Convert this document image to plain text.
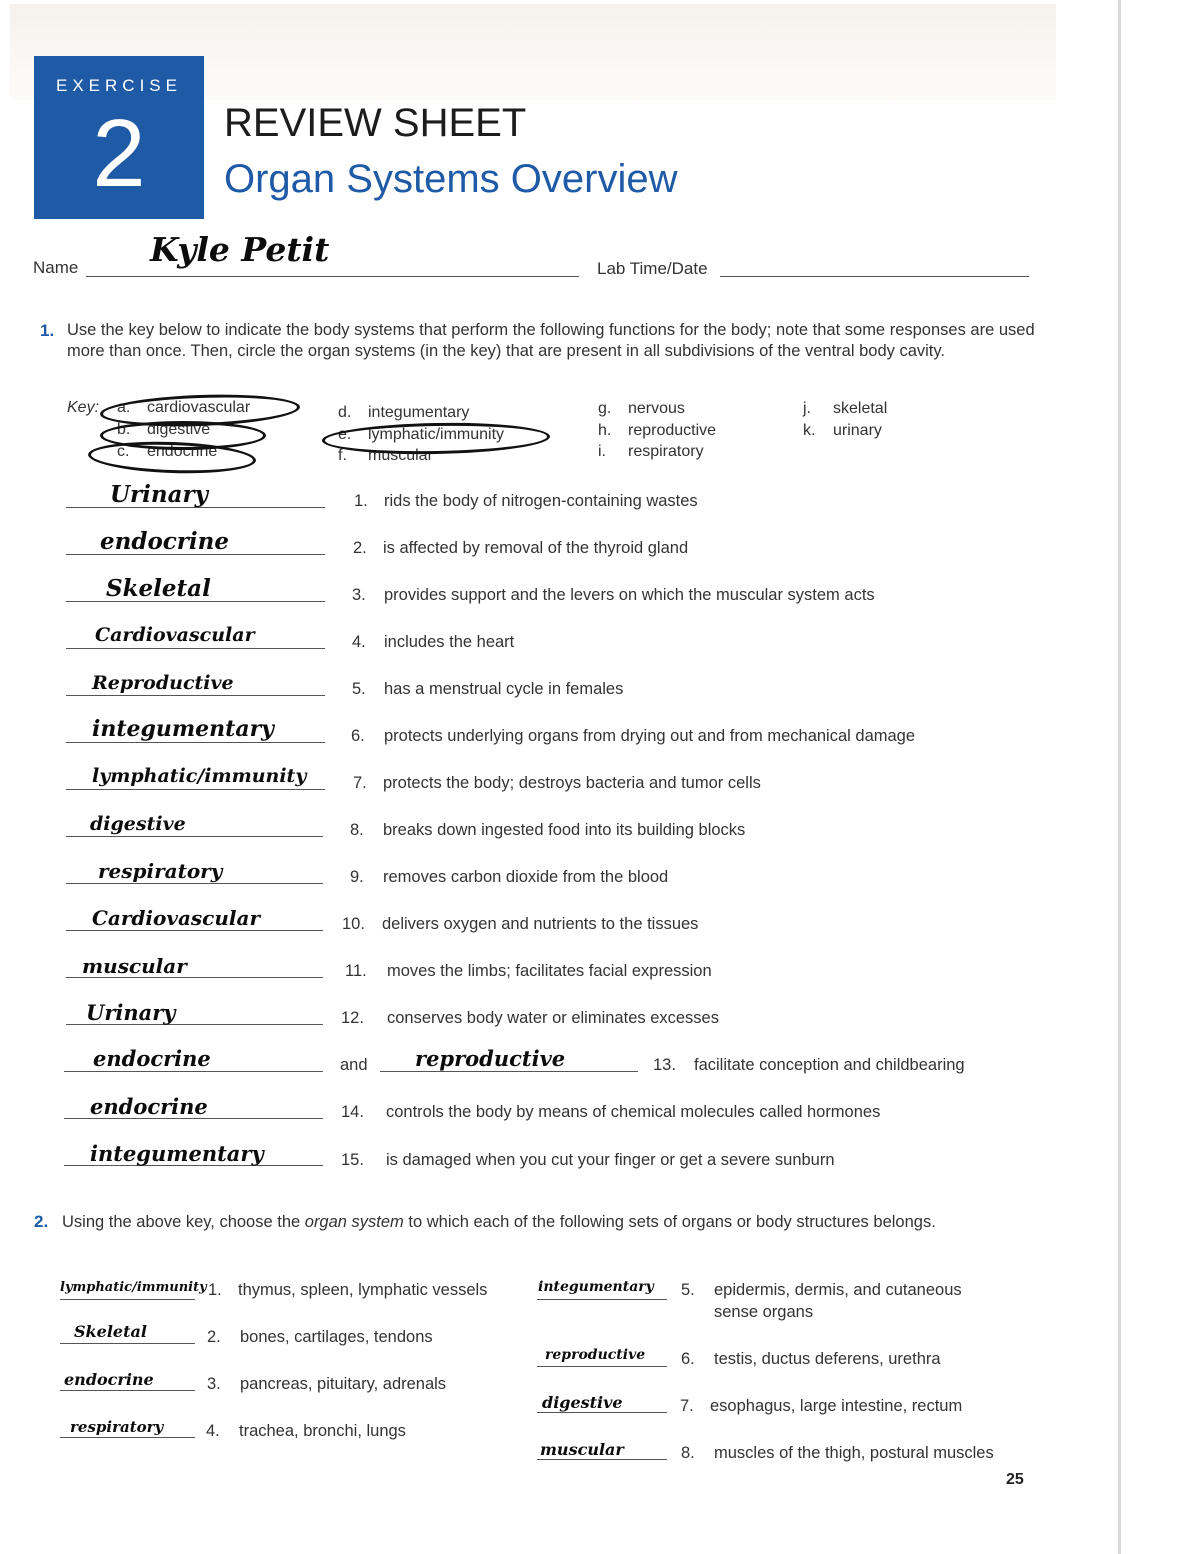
EXERCISE
2	REVIEW SHEET
Organ Systems Overview
Name Kyle Petit	Lab Time/Date
1. Use the key below to indicate the body systems that perform the following functions for the body; note that some responses are used more than once. Then, circle the organ systems (in the key) that are present in all subdivisions of the ventral body cavity.
Key: a. cardiovascular
b. digestive
c. endocrine
d. integumentary
e. lymphatic/immunity
f. muscular
g. nervous
h. reproductive
i. respiratory
j. skeletal
k. urinary
Urinary	1. rids the body of nitrogen-containing wastes
endocrine	2. is affected by removal of the thyroid gland
Skeletal	3. provides support and the levers on which the muscular system acts
Cardiovascular	4. includes the heart
Reproductive	5. has a menstrual cycle in females
integumentary	6. protects underlying organs from drying out and from mechanical damage
lymphatic/immunity	7. protects the body; destroys bacteria and tumor cells
digestive	8. breaks down ingested food into its building blocks
respiratory	9. removes carbon dioxide from the blood
Cardiovascular	10. delivers oxygen and nutrients to the tissues
muscular	11. moves the limbs; facilitates facial expression
Urinary	12. conserves body water or eliminates excesses
endocrine	and reproductive	13. facilitate conception and childbearing
endocrine	14. controls the body by means of chemical molecules called hormones
integumentary	15. is damaged when you cut your finger or get a severe sunburn
2. Using the above key, choose the organ system to which each of the following sets of organs or body structures belongs.
lymphatic/immunity 1. thymus, spleen, lymphatic vessels
Skeletal	2. bones, cartilages, tendons
endocrine	3. pancreas, pituitary, adrenals
respiratory	4. trachea, bronchi, lungs
integumentary 5. epidermis, dermis, and cutaneous
sense organs
reproductive 6. testis, ductus deferens, urethra
digestive	7. esophagus, large intestine, rectum
muscular	8. muscles of the thigh, postural muscles
25
